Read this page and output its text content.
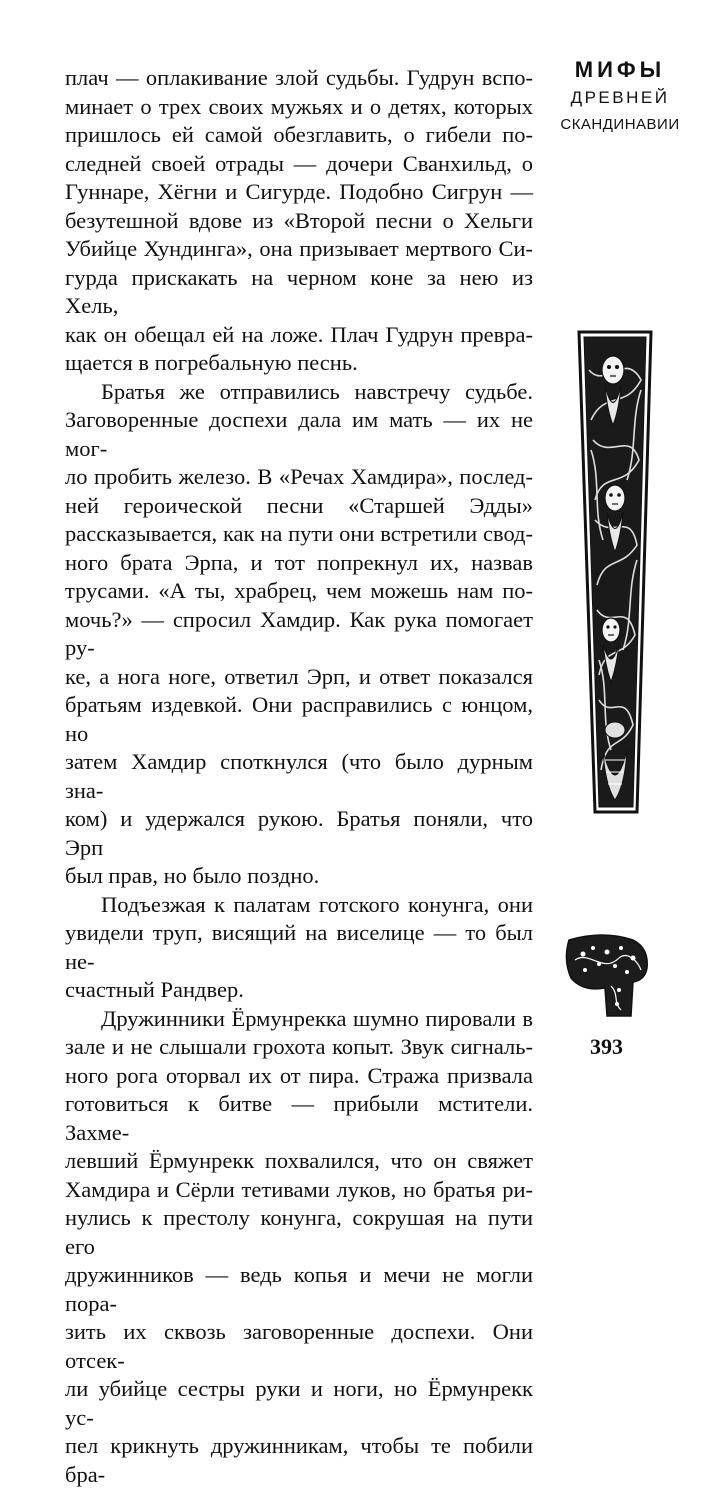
МИФЫ
ДРЕВНЕЙ
СКАНДИНАВИИ

плач — оплакивание злой судьбы. Гудрун вспо-
минает о трех своих мужьях и о детях, которых
пришлось ей самой обезглавить, о гибели по-
следней своей отрады — дочери Сванхильд, о
Гуннаре, Хёгни и Сигурде. Подобно Сигрун —
безутешной вдове из «Второй песни о Хельги
Убийце Хундинга», она призывает мертвого Си-
гурда прискакать на черном коне за нею из Хель,
как он обещал ей на ложе. Плач Гудрун превра-
щается в погребальную песнь.

Братья же отправились навстречу судьбе.
Заговоренные доспехи дала им мать — их не мог-
ло пробить железо. В «Речах Хамдира», послед-
ней героической песни «Старшей Эдды»
рассказывается, как на пути они встретили свод-
ного брата Эрпа, и тот попрекнул их, назвав
трусами. «А ты, храбрец, чем можешь нам по-
мочь?» — спросил Хамдир. Как рука помогает ру-
ке, а нога ноге, ответил Эрп, и ответ показался
братьям издевкой. Они расправились с юнцом, но
затем Хамдир споткнулся (что было дурным зна-
ком) и удержался рукою. Братья поняли, что Эрп
был прав, но было поздно.

Подъезжая к палатам готского конунга, они
увидели труп, висящий на виселице — то был не-
счастный Рандвер.

Дружинники Ёрмунрекка шумно пировали в
зале и не слышали грохота копыт. Звук сигналь-
ного рога оторвал их от пира. Стража призвала
готовиться к битве — прибыли мстители. Захме-
левший Ёрмунрекк похвалился, что он свяжет
Хамдира и Сёрли тетивами луков, но братья ри-
нулись к престолу конунга, сокрушая на пути его
дружинников — ведь копья и мечи не могли пора-
зить их сквозь заговоренные доспехи. Они отсек-
ли убийце сестры руки и ноги, но Ёрмунрекк ус-
пел крикнуть дружинникам, чтобы те побили бра-

393
